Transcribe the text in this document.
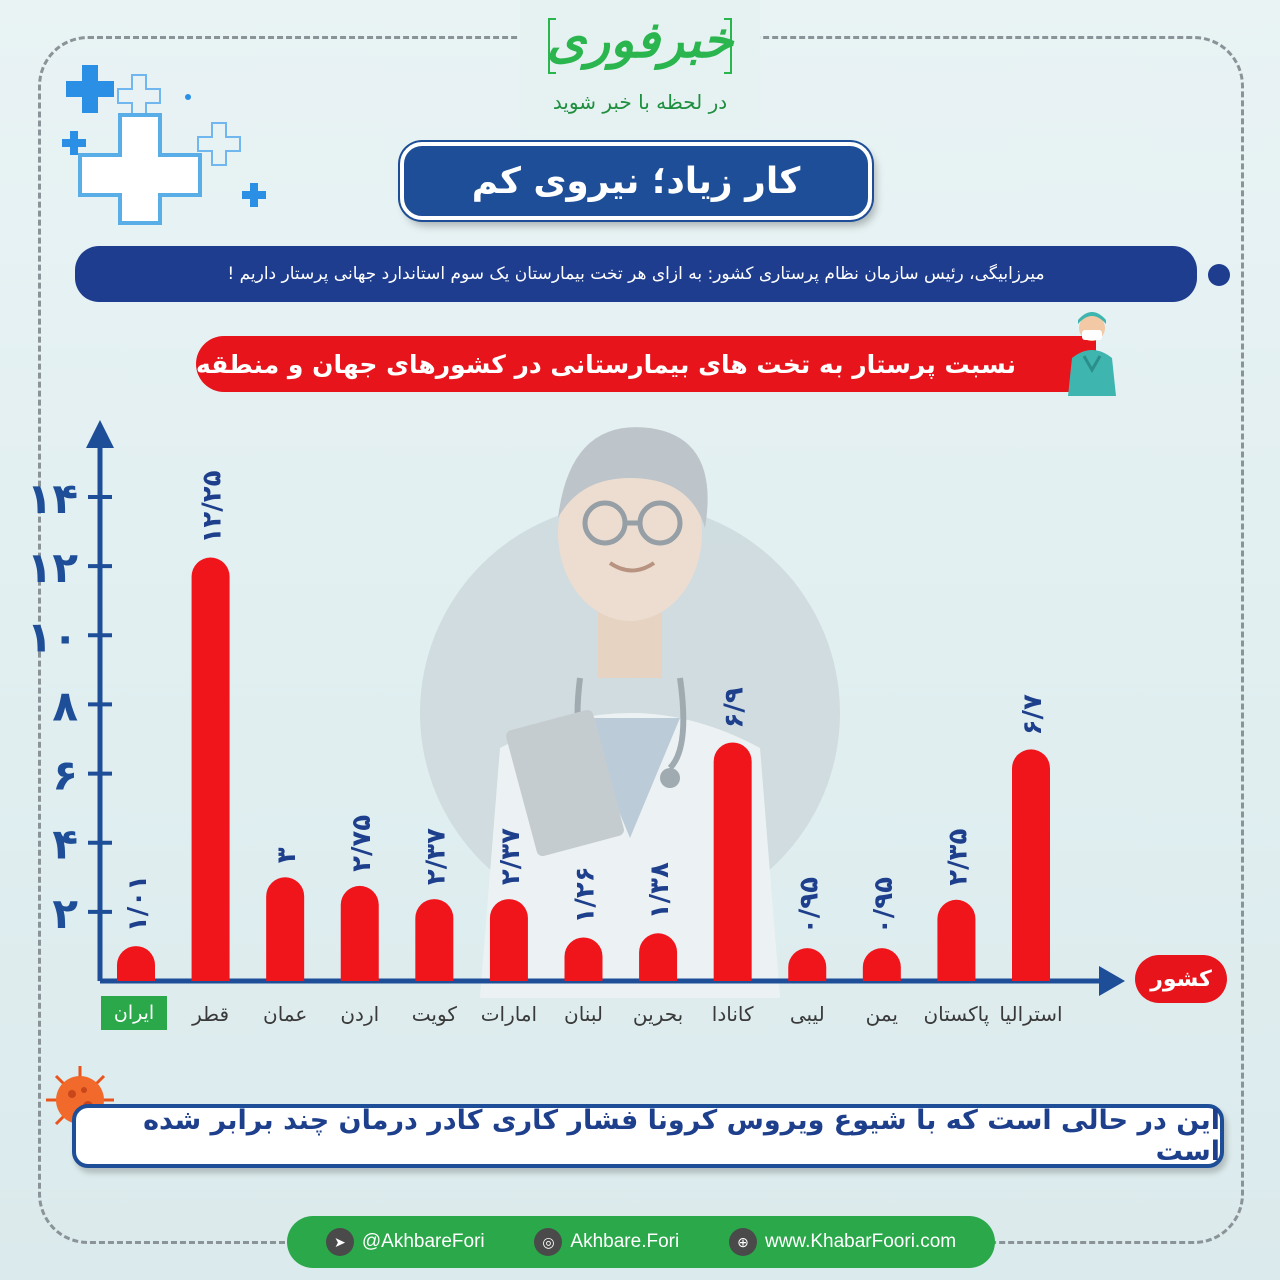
خبرفوری
در لحظه با خبر شوید
کار زیاد؛ نیروی کم
میرزابیگی، رئیس سازمان نظام پرستاری کشور: به ازای هر تخت بیمارستان یک سوم استاندارد جهانی پرستار داریم !
نسبت پرستار به تخت های بیمارستانی در کشورهای جهان و منطقه
۲
۴
۶
۸
۱۰
۱۲
۱۴
۱/۰۱
۱۲/۲۵
قطر
۳
عمان
۲/۷۵
اردن
۲/۳۷
کویت
۲/۳۷
امارات
۱/۲۶
لبنان
۱/۳۸
بحرین
۶/۹
کانادا
۰/۹۵
لیبی
۰/۹۵
یمن
۲/۳۵
پاکستان
۶/۷
استرالیا
ایران
کشور
این در حالی است که با شیوع ویروس کرونا فشار کاری کادر درمان چند برابر شده است
➤ @AkhbareFori	◎ Akhbare.Fori	⊕ www.KhabarFoori.com
